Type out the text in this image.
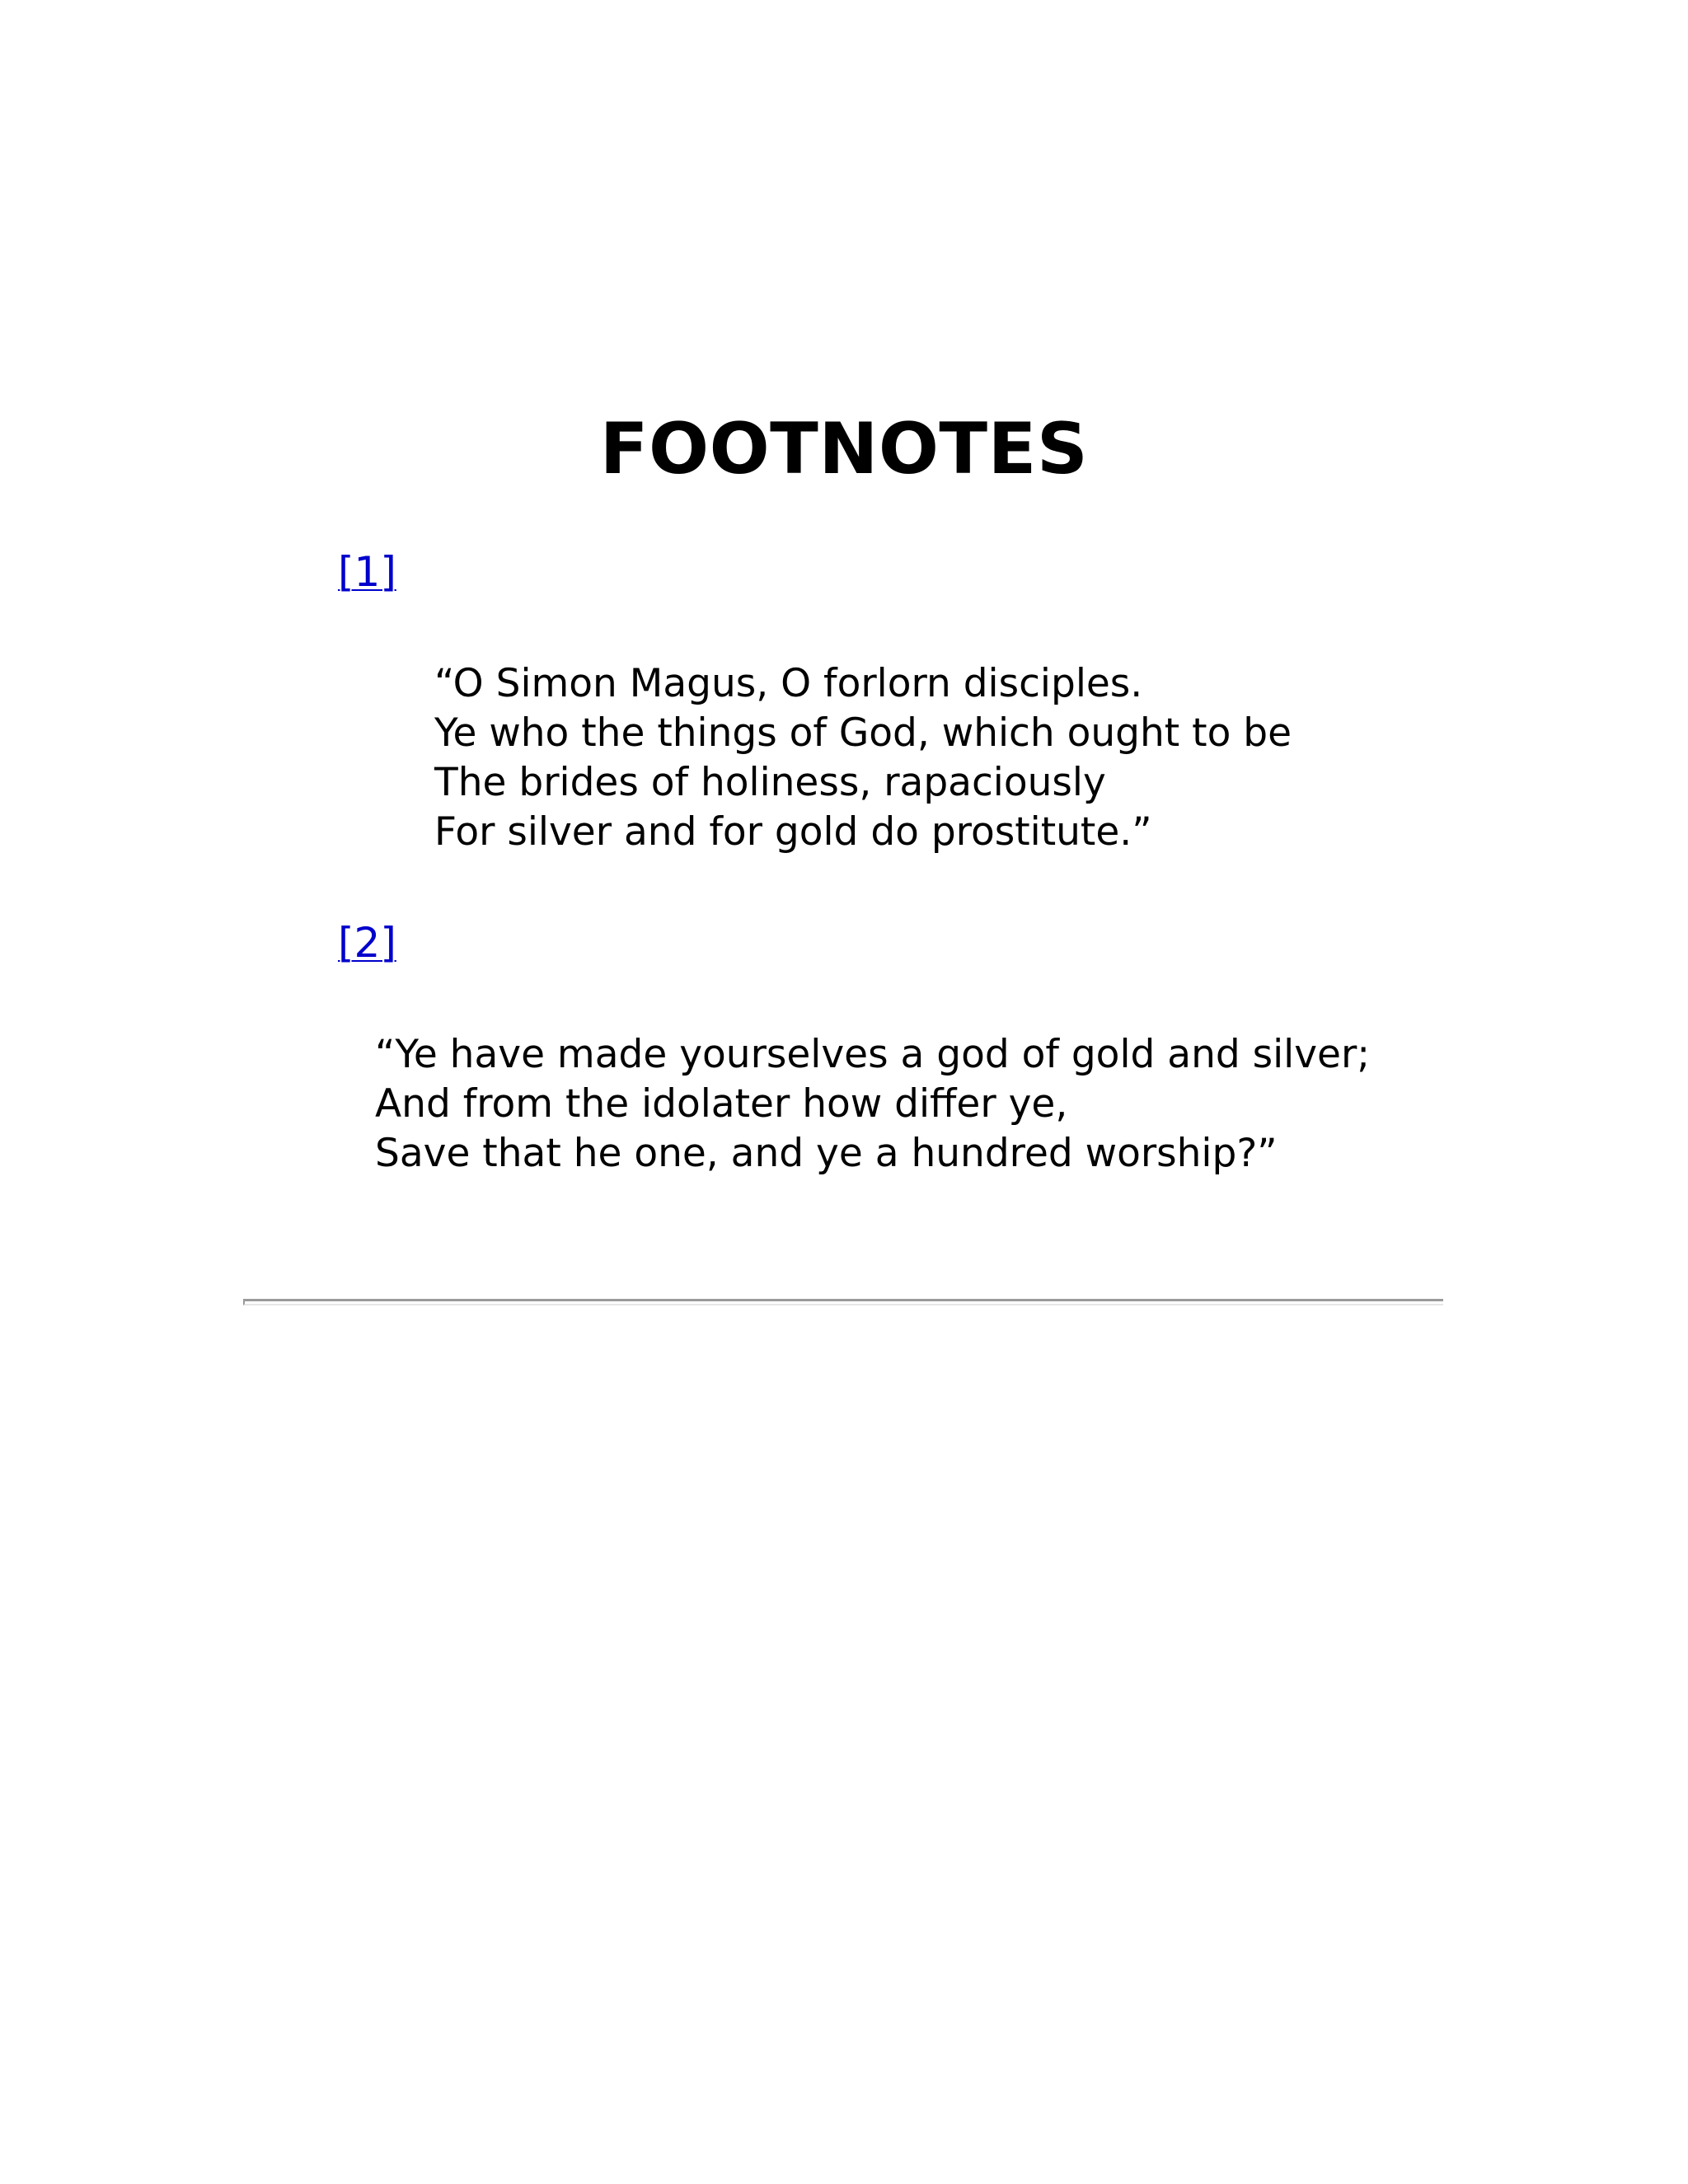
FOOTNOTES
[1]
“O Simon Magus, O forlorn disciples.
Ye who the things of God, which ought to be
The brides of holiness, rapaciously
For silver and for gold do prostitute.”
[2]
“Ye have made yourselves a god of gold and silver;
And from the idolater how differ ye,
Save that he one, and ye a hundred worship?”
